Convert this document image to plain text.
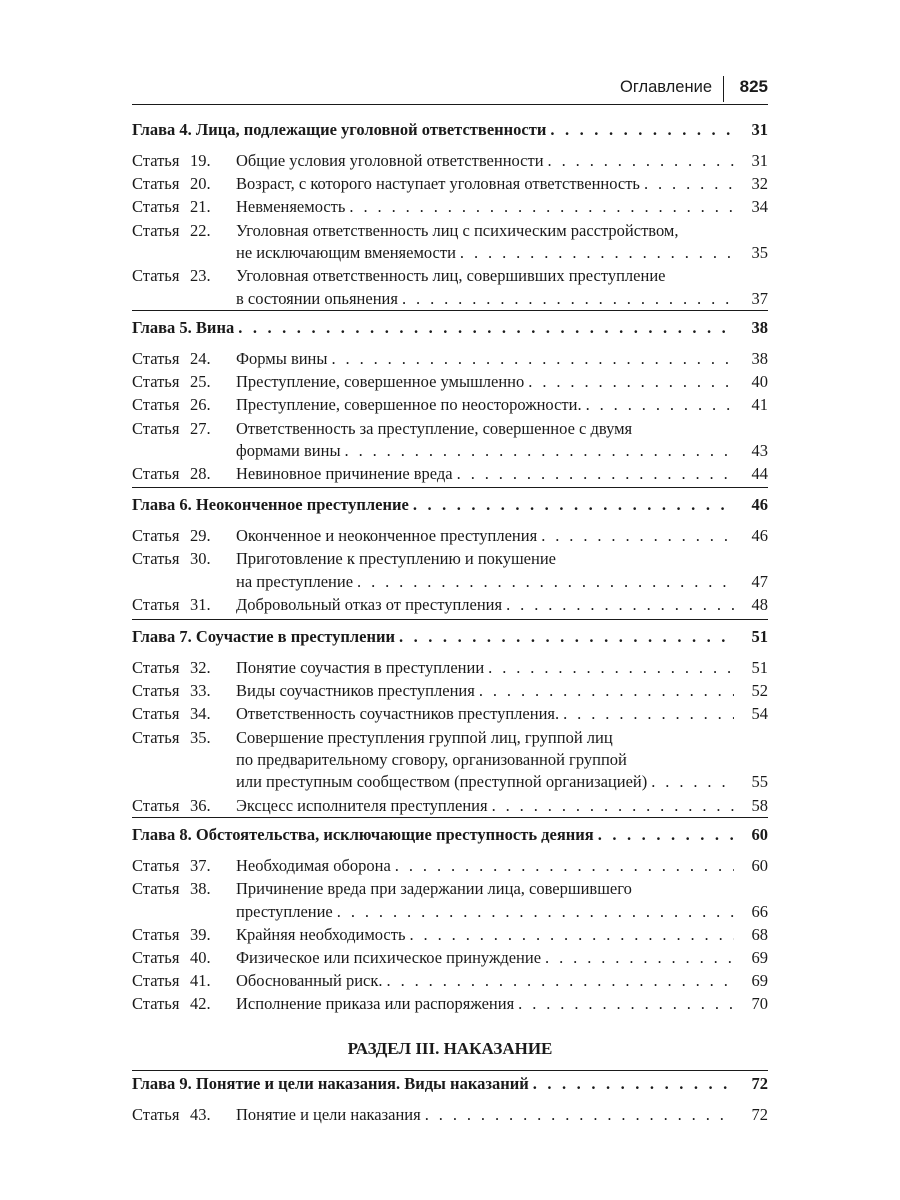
Оглавление 825
Глава 4. Лица, подлежащие уголовной ответственности . . .	31
Статья 19.	Общие условия уголовной ответственности . . .	31
Статья 20.	Возраст, с которого наступает уголовная ответственность . . .	32
Статья 21.	Невменяемость . . .	34
Статья 22.	Уголовная ответственность лиц с психическим расстройством,
не исключающим вменяемости . . .	35
Статья 23.	Уголовная ответственность лиц, совершивших преступление
в состоянии опьянения . . .	37
Глава 5. Вина . . .	38
Статья 24.	Формы вины . . .	38
Статья 25.	Преступление, совершенное умышленно . . .	40
Статья 26.	Преступление, совершенное по неосторожности. . . .	41
Статья 27.	Ответственность за преступление, совершенное с двумя
формами вины . . .	43
Статья 28.	Невиновное причинение вреда . . .	44
Глава 6. Неоконченное преступление . . .	46
Статья 29.	Оконченное и неоконченное преступления . . .	46
Статья 30.	Приготовление к преступлению и покушение
на преступление . . .	47
Статья 31.	Добровольный отказ от преступления . . .	48
Глава 7. Соучастие в преступлении . . .	51
Статья 32.	Понятие соучастия в преступлении . . .	51
Статья 33.	Виды соучастников преступления . . .	52
Статья 34.	Ответственность соучастников преступления. . . .	54
Статья 35.	Совершение преступления группой лиц, группой лиц
по предварительному сговору, организованной группой
или преступным сообществом (преступной организацией) . . .	55
Статья 36.	Эксцесс исполнителя преступления . . .	58
Глава 8. Обстоятельства, исключающие преступность деяния . . .	60
Статья 37.	Необходимая оборона . . .	60
Статья 38.	Причинение вреда при задержании лица, совершившего
преступление . . .	66
Статья 39.	Крайняя необходимость . . .	68
Статья 40.	Физическое или психическое принуждение . . .	69
Статья 41.	Обоснованный риск. . . .	69
Статья 42.	Исполнение приказа или распоряжения . . .	70
Глава 9. Понятие и цели наказания. Виды наказаний . . .	72
Статья 43.	Понятие и цели наказания . . .	72
РАЗДЕЛ III. НАКАЗАНИЕ
